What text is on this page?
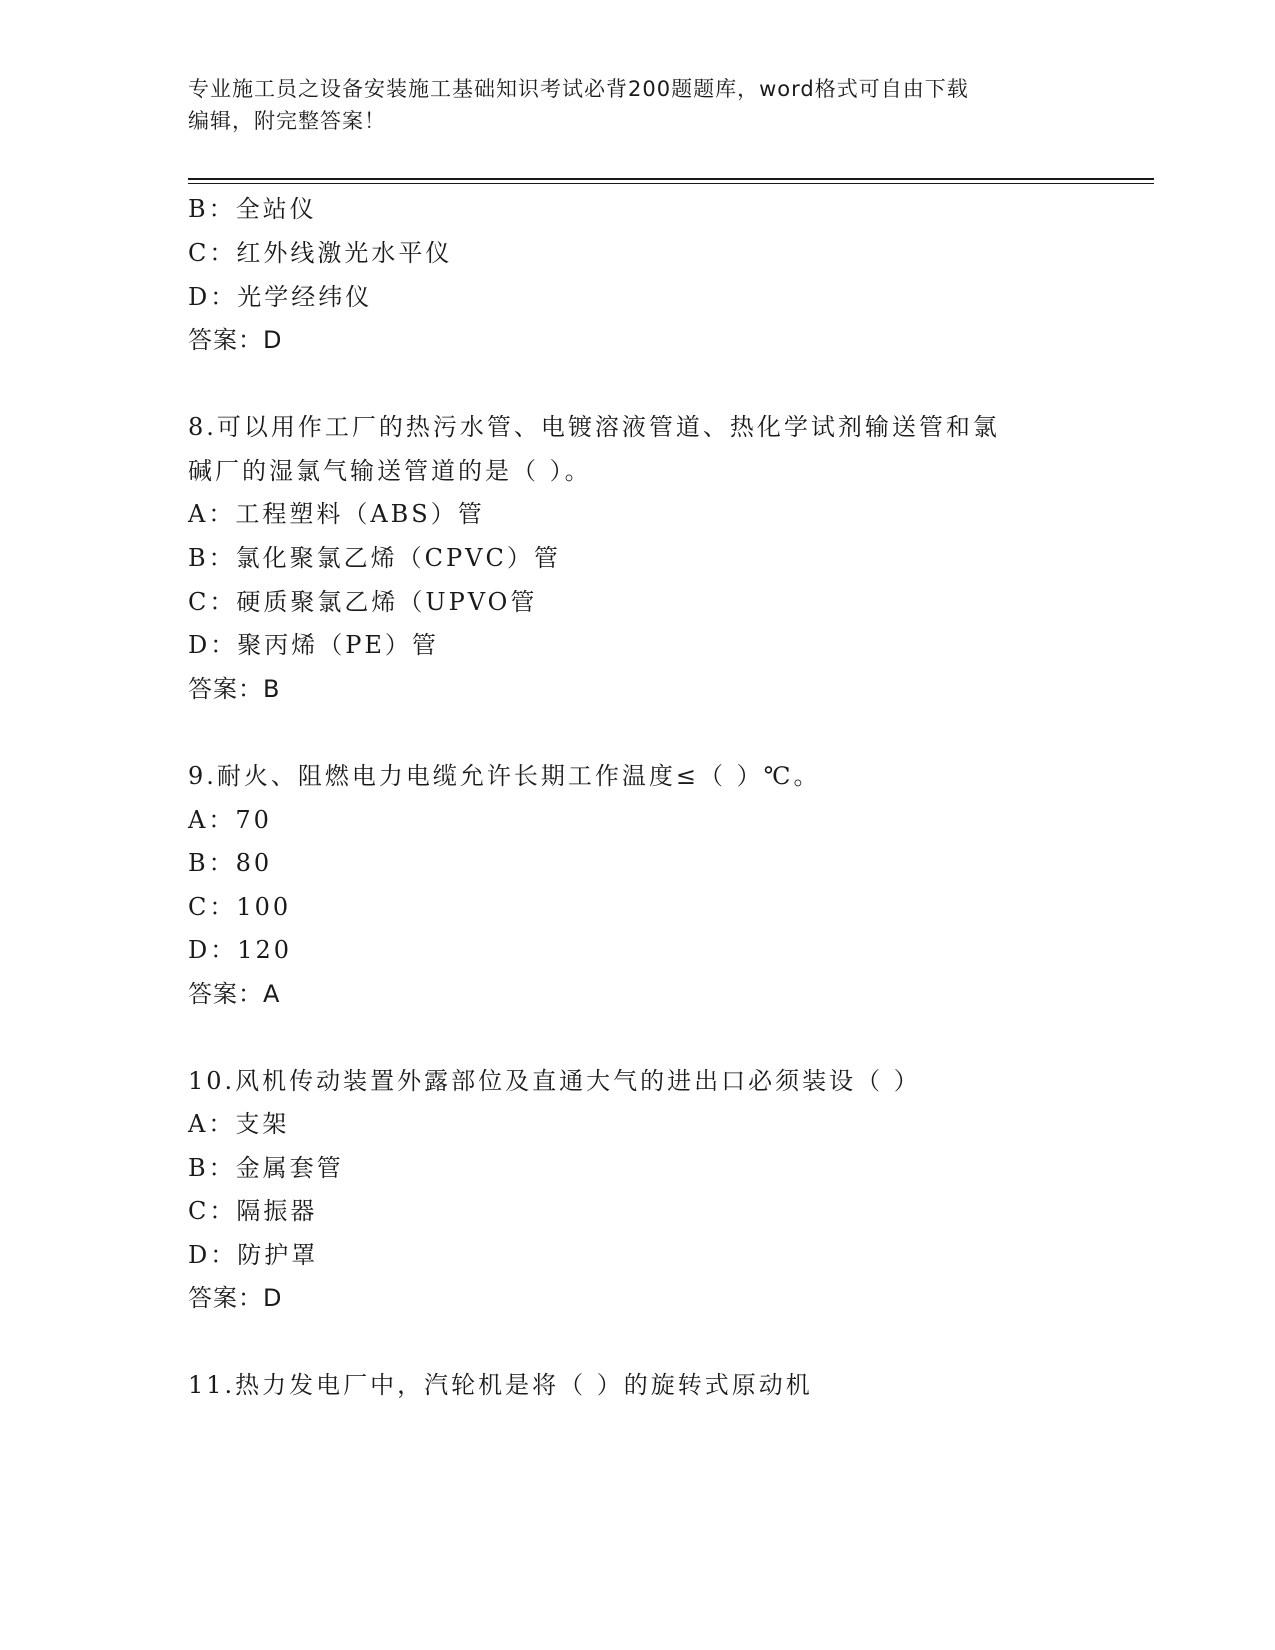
专业施工员之设备安装施工基础知识考试必背200题题库，word格式可自由下载
编辑，附完整答案！
B：全站仪
C：红外线激光水平仪
D：光学经纬仪
答案：D
8.可以用作工厂的热污水管、电镀溶液管道、热化学试剂输送管和氯
碱厂的湿氯气输送管道的是（ ）。
A：工程塑料（ABS）管
B：氯化聚氯乙烯（CPVC）管
C：硬质聚氯乙烯（UPVO管
D：聚丙烯（PE）管
答案：B
9.耐火、阻燃电力电缆允许长期工作温度≤（ ）℃。
A：70
B：80
C：100
D：120
答案：A
10.风机传动装置外露部位及直通大气的进出口必须装设（ ）
A：支架
B：金属套管
C：隔振器
D：防护罩
答案：D
11.热力发电厂中，汽轮机是将（ ）的旋转式原动机
